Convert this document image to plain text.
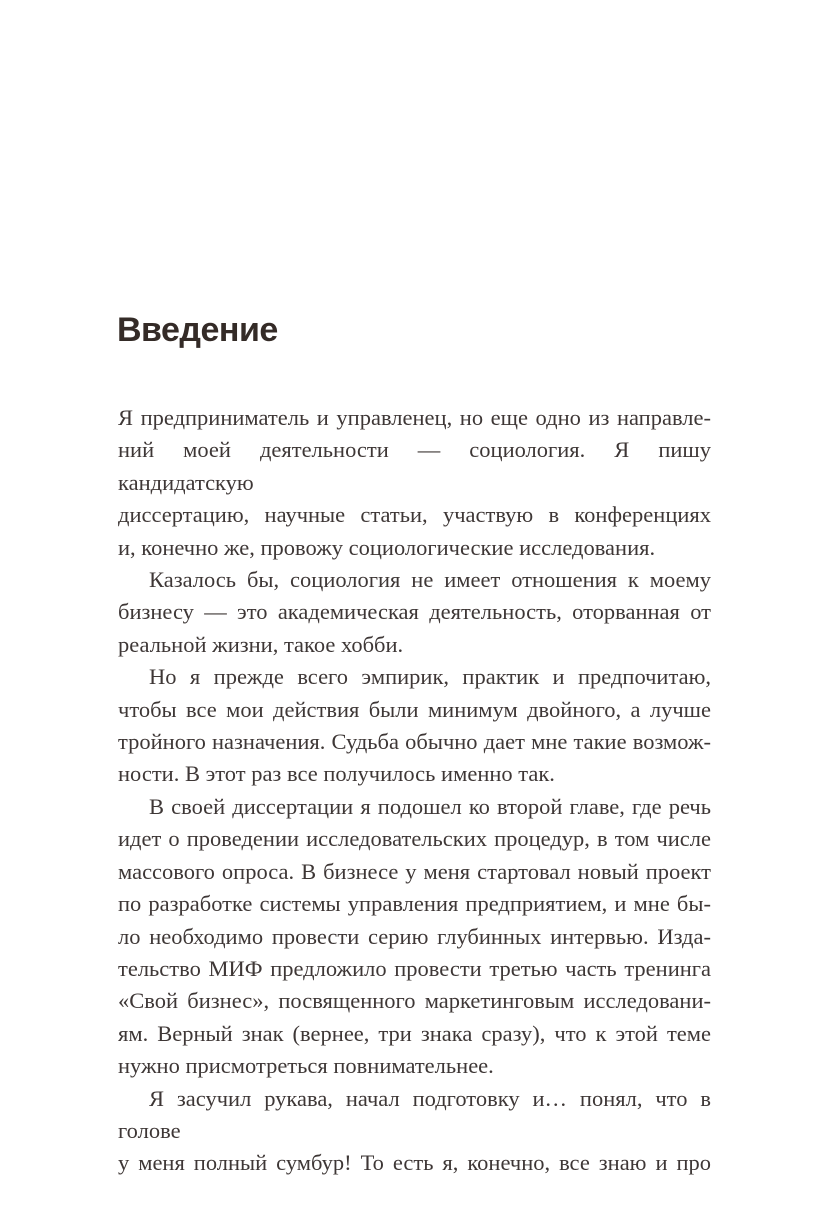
Введение
Я предприниматель и управленец, но еще одно из направле-
ний моей деятельности — социология. Я пишу кандидатскую
диссертацию, научные статьи, участвую в конференциях
и, конечно же, провожу социологические исследования.
Казалось бы, социология не имеет отношения к моему
бизнесу — это академическая деятельность, оторванная от
реальной жизни, такое хобби.
Но я прежде всего эмпирик, практик и предпочитаю,
чтобы все мои действия были минимум двойного, а лучше
тройного назначения. Судьба обычно дает мне такие возмож-
ности. В этот раз все получилось именно так.
В своей диссертации я подошел ко второй главе, где речь
идет о проведении исследовательских процедур, в том числе
массового опроса. В бизнесе у меня стартовал новый проект
по разработке системы управления предприятием, и мне бы-
ло необходимо провести серию глубинных интервью. Изда-
тельство МИФ предложило провести третью часть тренинга
«Свой бизнес», посвященного маркетинговым исследовани-
ям. Верный знак (вернее, три знака сразу), что к этой теме
нужно присмотреться повнимательнее.
Я засучил рукава, начал подготовку и… понял, что в голове
у меня полный сумбур! То есть я, конечно, все знаю и про
